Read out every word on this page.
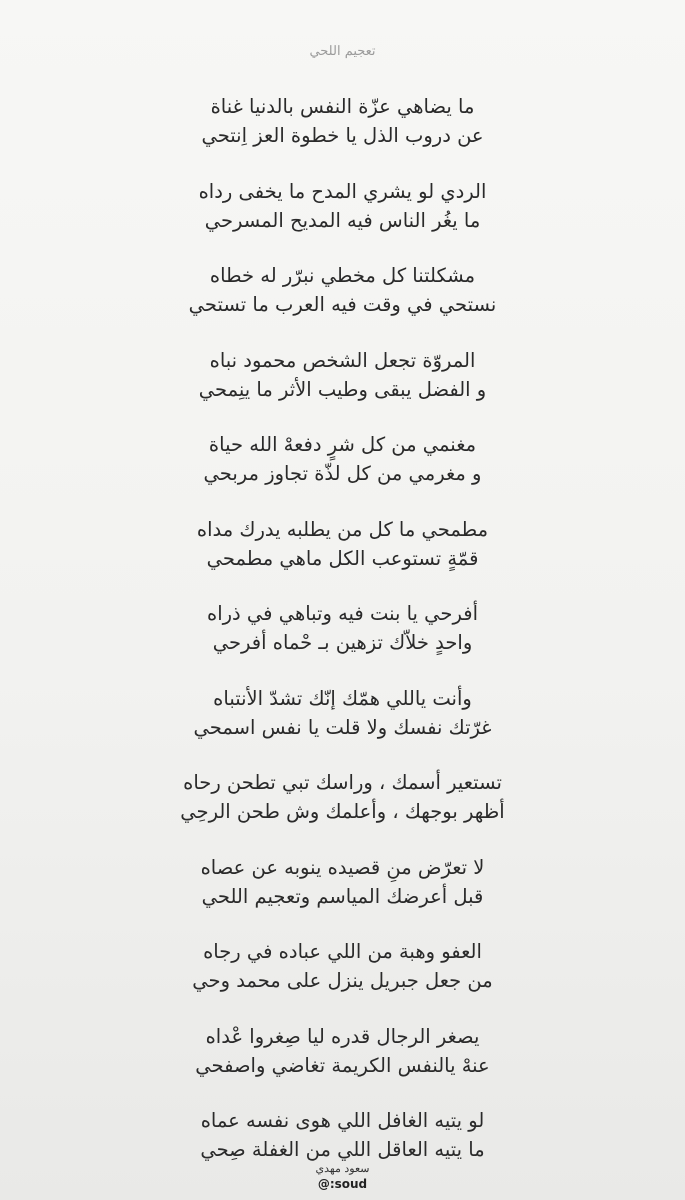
تعجيم اللحي
ما يضاهي عزّة النفس بالدنيا غناة
عن دروب الذل يا خطوة العز اِنتحي
الردي لو يشري المدح ما يخفى رداه
ما يغُر الناس فيه المديح المسرحي
مشكلتنا كل مخطي نبرّر له خطاه
نستحي في وقت فيه العرب ما تستحي
المروّة تجعل الشخص محمود نباه
و الفضل يبقى وطيب الأثر ما ينِمحي
مغنمي من كل شرٍ دفعهْ الله حياة
و مغرمي من كل لذّة تجاوز مربحي
مطمحي ما كل من يطلبه يدرك مداه
قمّةٍ تستوعب الكل ماهي مطمحي
أفرحي يا بنت فيه وتباهي في ذراه
واحدٍ خلاّك تزهين بـ حْماه أفرحي
وأنت ياللي همّك إنّك تشدّ الأنتباه
غرّتك نفسك ولا قلت يا نفس اسمحي
تستعير أسمك ، وراسك تبي تطحن رحاه
أظهر بوجهك ، وأعلمك وش طحن الرحِي
لا تعرّض منِ قصيده ينوبه عن عصاه
قبل أعرضك المياسم وتعجيم اللحي
العفو وهبة من اللي عباده في رجاه
من جعل جبريل ينزل على محمد وحي
يصغر الرجال قدره ليا صِغروا عْداه
عنهْ يالنفس الكريمة تغاضي واصفحي
لو يتيه الغافل اللي هوى نفسه عماه
ما يتيه العاقل اللي من الغفلة صِحي
سعود مهدي
@:soud
